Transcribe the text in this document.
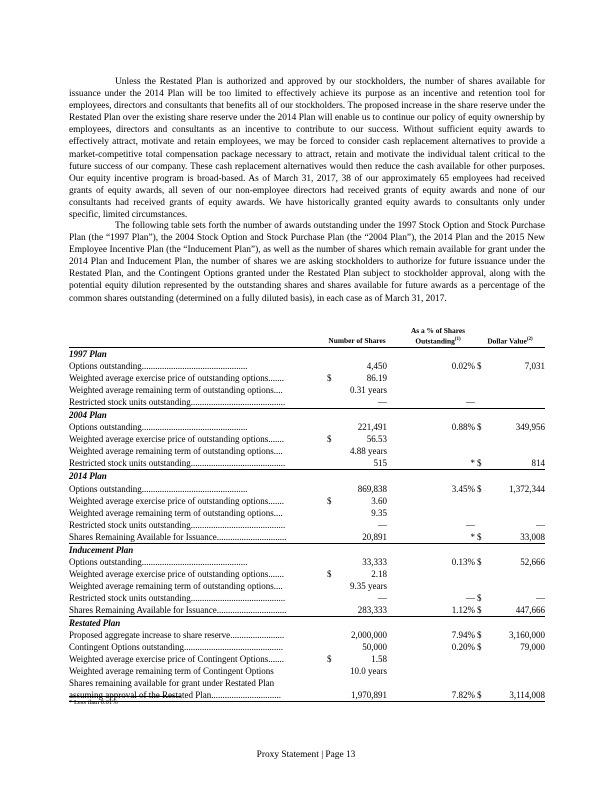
Unless the Restated Plan is authorized and approved by our stockholders, the number of shares available for issuance under the 2014 Plan will be too limited to effectively achieve its purpose as an incentive and retention tool for employees, directors and consultants that benefits all of our stockholders. The proposed increase in the share reserve under the Restated Plan over the existing share reserve under the 2014 Plan will enable us to continue our policy of equity ownership by employees, directors and consultants as an incentive to contribute to our success. Without sufficient equity awards to effectively attract, motivate and retain employees, we may be forced to consider cash replacement alternatives to provide a market-competitive total compensation package necessary to attract, retain and motivate the individual talent critical to the future success of our company. These cash replacement alternatives would then reduce the cash available for other purposes. Our equity incentive program is broad-based. As of March 31, 2017, 38 of our approximately 65 employees had received grants of equity awards, all seven of our non-employee directors had received grants of equity awards and none of our consultants had received grants of equity awards. We have historically granted equity awards to consultants only under specific, limited circumstances.

The following table sets forth the number of awards outstanding under the 1997 Stock Option and Stock Purchase Plan (the “1997 Plan”), the 2004 Stock Option and Stock Purchase Plan (the “2004 Plan”), the 2014 Plan and the 2015 New Employee Incentive Plan (the “Inducement Plan”), as well as the number of shares which remain available for grant under the 2014 Plan and Inducement Plan, the number of shares we are asking stockholders to authorize for future issuance under the Restated Plan, and the Contingent Options granted under the Restated Plan subject to stockholder approval, along with the potential equity dilution represented by the outstanding shares and shares available for future awards as a percentage of the common shares outstanding (determined on a fully diluted basis), in each case as of March 31, 2017.

Number of Shares
As a % of Shares
Outstanding$^{(1)}$	Dollar Value$^{(2)}$
1997 Plan
Options outstanding...............................................	4,450	0.02% $	7,031
Weighted average exercise price of outstanding options.......	$	86.19
Weighted average remaining term of outstanding options....	0.31 years
Restricted stock units outstanding..........................................	—	—
2004 Plan
Options outstanding...............................................	221,491	0.88% $	349,956
Weighted average exercise price of outstanding options.......	$	56.53
Weighted average remaining term of outstanding options....	4.88 years
Restricted stock units outstanding..........................................	515	* $	814
2014 Plan
Options outstanding...............................................	869,838	3.45% $	1,372,344
Weighted average exercise price of outstanding options.......	$	3.60
Weighted average remaining term of outstanding options....	9.35
Restricted stock units outstanding..........................................	—	—	—
Shares Remaining Available for Issuance...............................	20,891	* $	33,008
Inducement Plan
Options outstanding...............................................	33,333	0.13% $	52,666
Weighted average exercise price of outstanding options.......	$	2.18
Weighted average remaining term of outstanding options....	9.35 years
Restricted stock units outstanding..........................................	—	— $	—
Shares Remaining Available for Issuance...............................	283,333	1.12% $	447,666
Restated Plan
Proposed aggregate increase to share reserve........................	2,000,000	7.94% $	3,160,000
Contingent Options outstanding............................................	50,000	0.20% $	79,000
Weighted average exercise price of Contingent Options.......	$	1.58
Weighted average remaining term of Contingent Options	10.0 years
Shares remaining available for grant under Restated Plan
assuming approval of the Restated Plan...............................	1,970,891	7.82% $	3,114,008
* Less than 0.01%
Proxy Statement | Page 13
